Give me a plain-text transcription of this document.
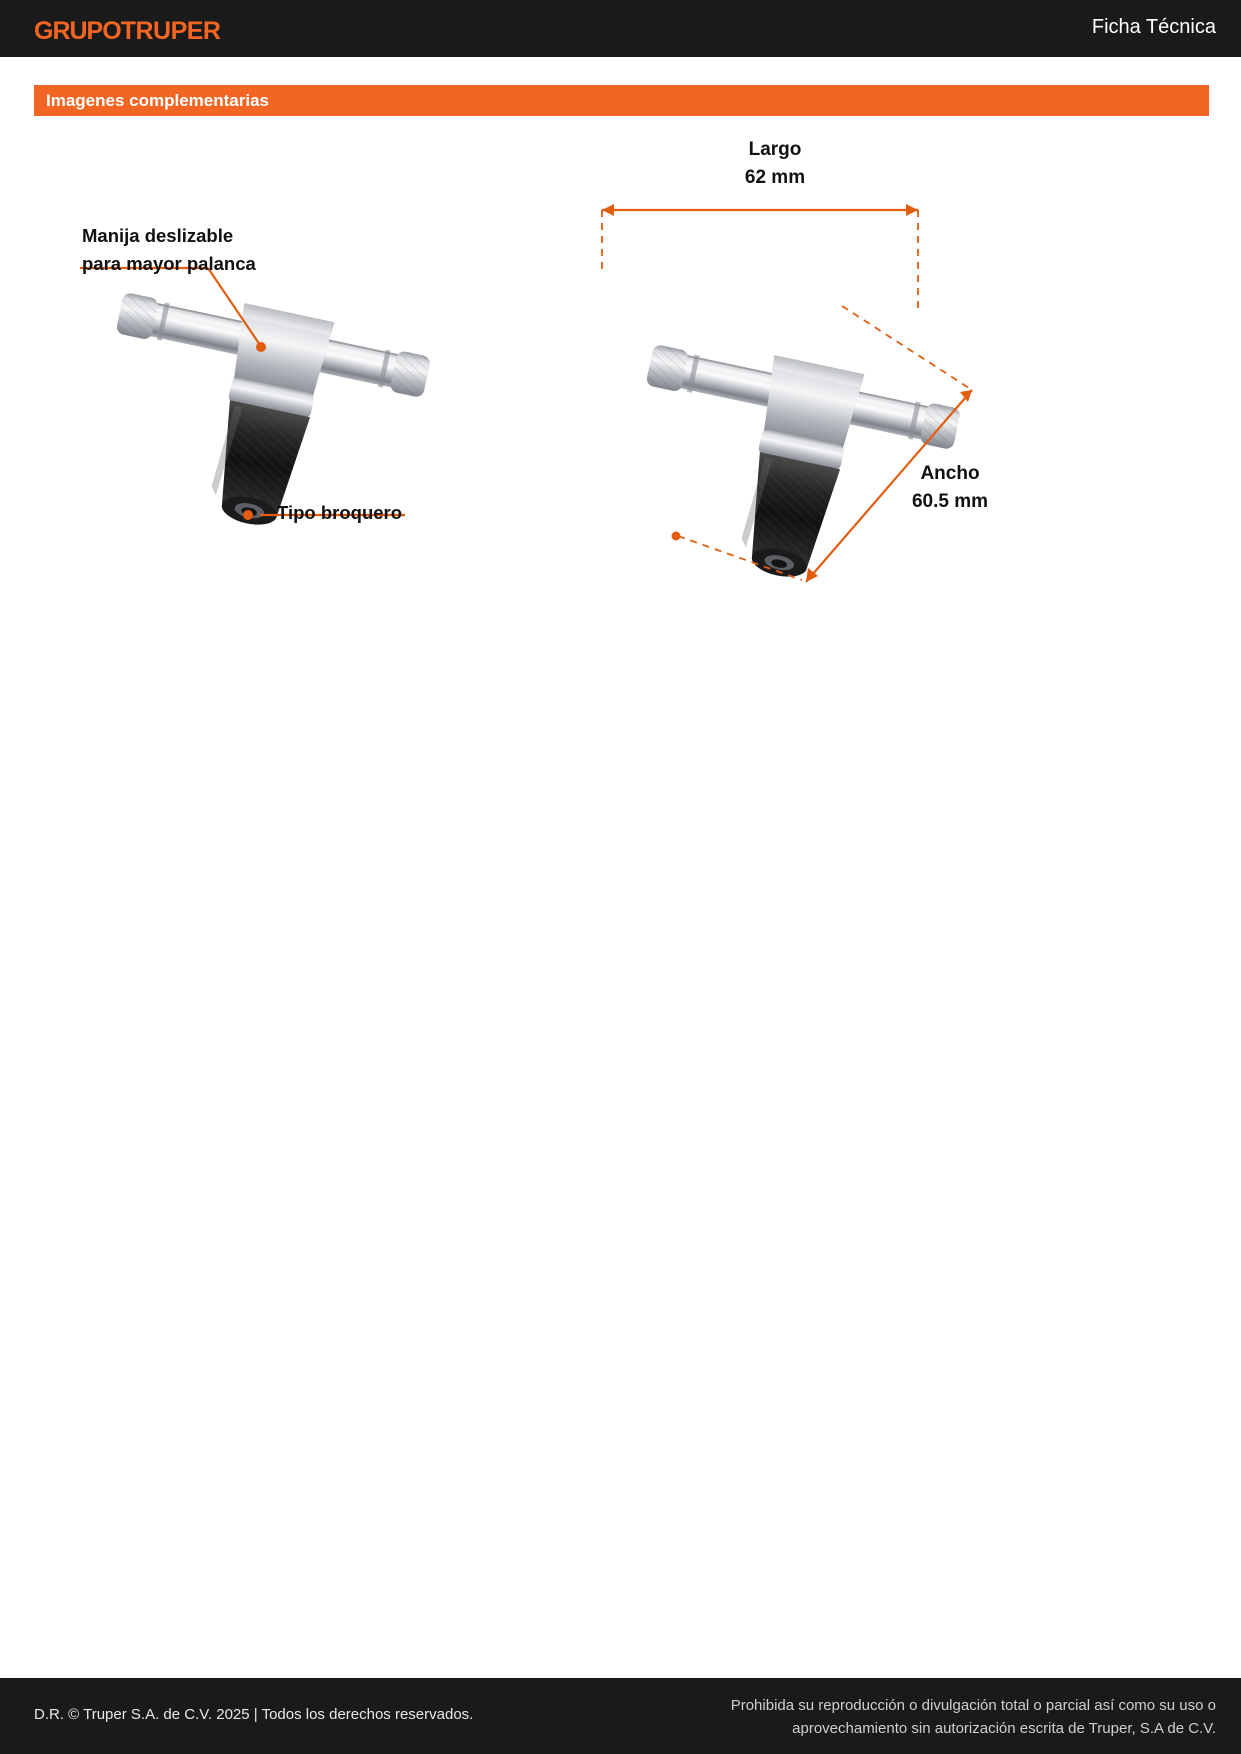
GRUPOTRUPER	Ficha Técnica
Imagenes complementarias
Manija deslizable
para mayor palanca
Tipo broquero
Largo
62 mm
Ancho
60.5 mm
D.R. © Truper S.A. de C.V. 2025 | Todos los derechos reservados.
Prohibida su reproducción o divulgación total o parcial así como su uso o
aprovechamiento sin autorización escrita de Truper, S.A de C.V.
